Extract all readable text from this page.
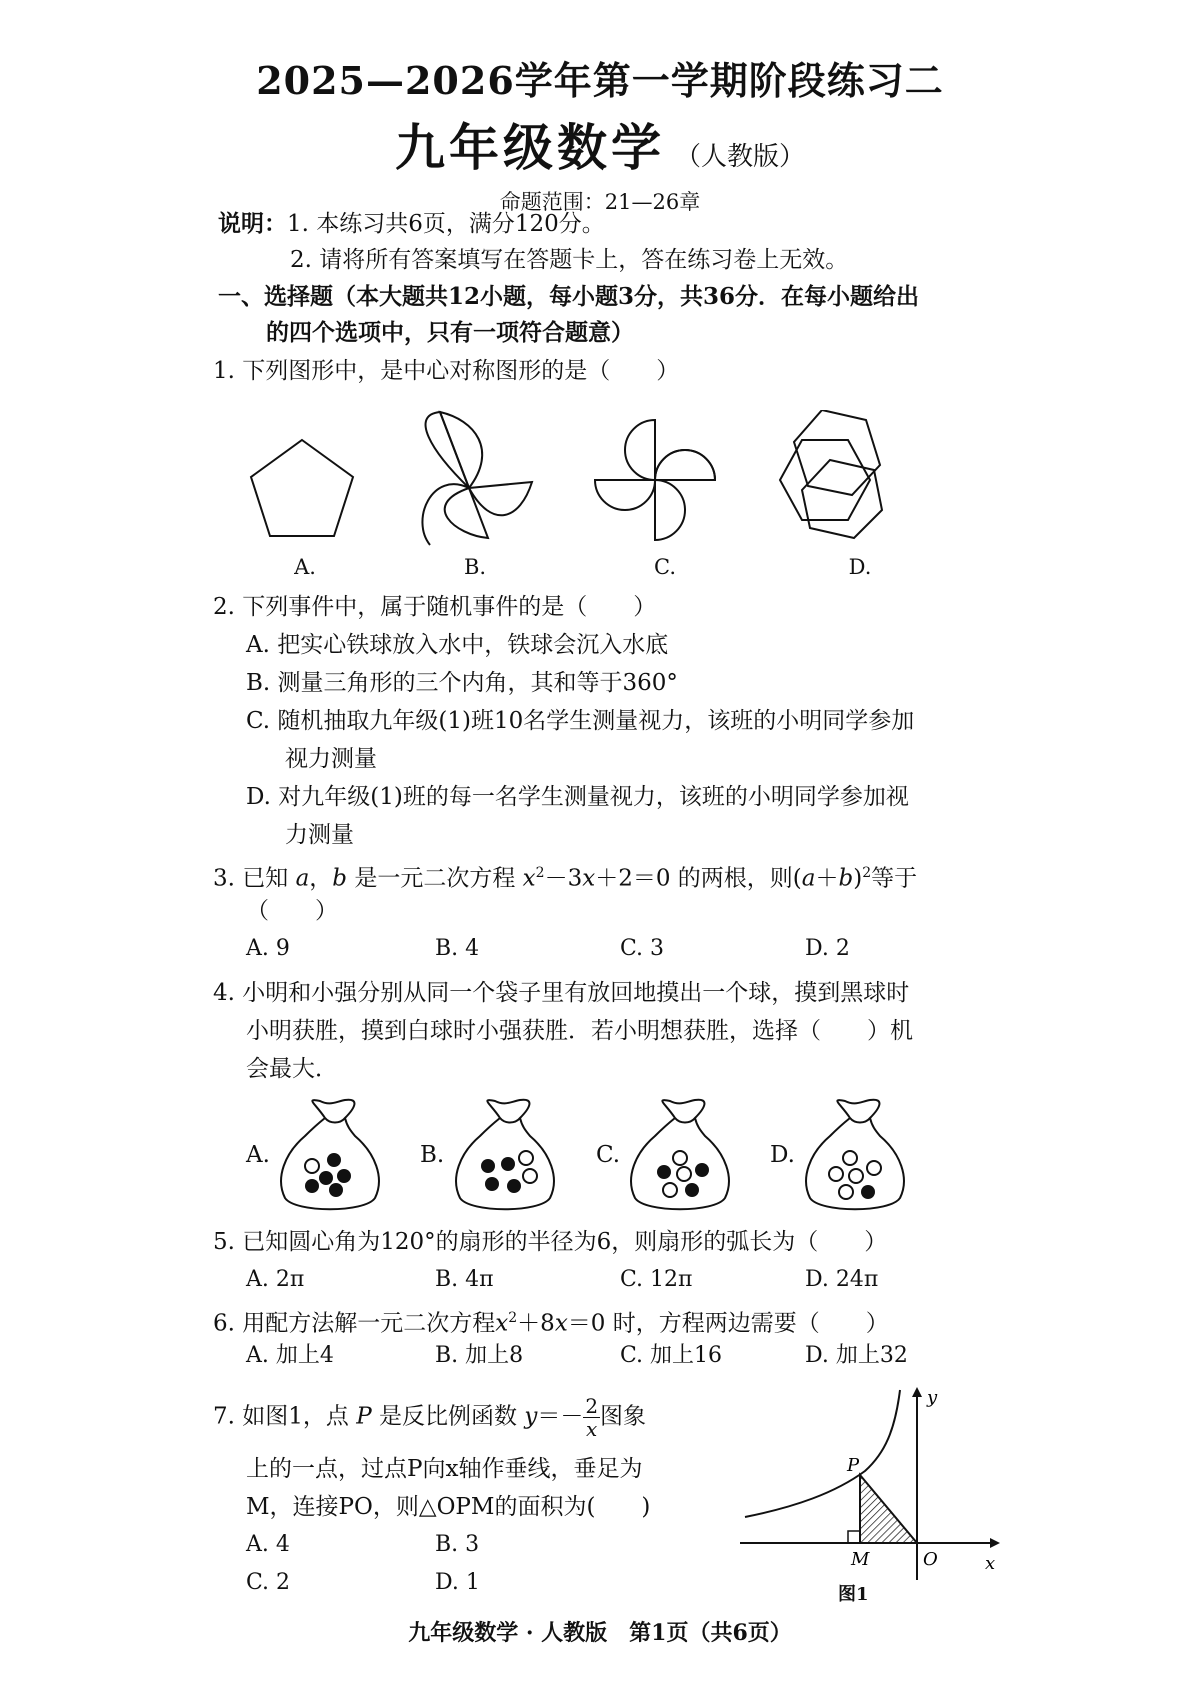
2025—2026学年第一学期阶段练习二
九年级数学 （人教版）
命题范围：21—26章
说明：1. 本练习共6页，满分120分。
2. 请将所有答案填写在答题卡上，答在练习卷上无效。
一、选择题（本大题共12小题，每小题3分，共36分．在每小题给出
的四个选项中，只有一项符合题意）
1. 下列图形中，是中心对称图形的是（　　）
A.	B.	C.	D.
2. 下列事件中，属于随机事件的是（　　）
A. 把实心铁球放入水中，铁球会沉入水底
B. 测量三角形的三个内角，其和等于360°
C. 随机抽取九年级(1)班10名学生测量视力，该班的小明同学参加
视力测量
D. 对九年级(1)班的每一名学生测量视力，该班的小明同学参加视
力测量
3. 已知 a，b 是一元二次方程 $x^2-3x+2=0$ 的两根，则$(a+b)^2$等于
（　　）
A. 9	B. 4	C. 3	D. 2
4. 小明和小强分别从同一个袋子里有放回地摸出一个球，摸到黑球时
小明获胜，摸到白球时小强获胜．若小明想获胜，选择（　　）机
会最大．
A.	B.	C.	D.
5. 已知圆心角为120°的扇形的半径为6，则扇形的弧长为（　　）
A. 2π	B. 4π	C. 12π	D. 24π
6. 用配方法解一元二次方程$x^2+8x=0$ 时，方程两边需要（　　）
A. 加上4	B. 加上8	C. 加上16	D. 加上32
7. 如图1，点 P 是反比例函数 $y=- \frac{2}{x}$ 图象
上的一点，过点P向x轴作垂线，垂足为
M，连接PO，则△OPM的面积为(　　)
A. 4	B. 3
C. 2	D. 1
y
x
P
M	O
图1
九年级数学 · 人教版　第1页（共6页）
